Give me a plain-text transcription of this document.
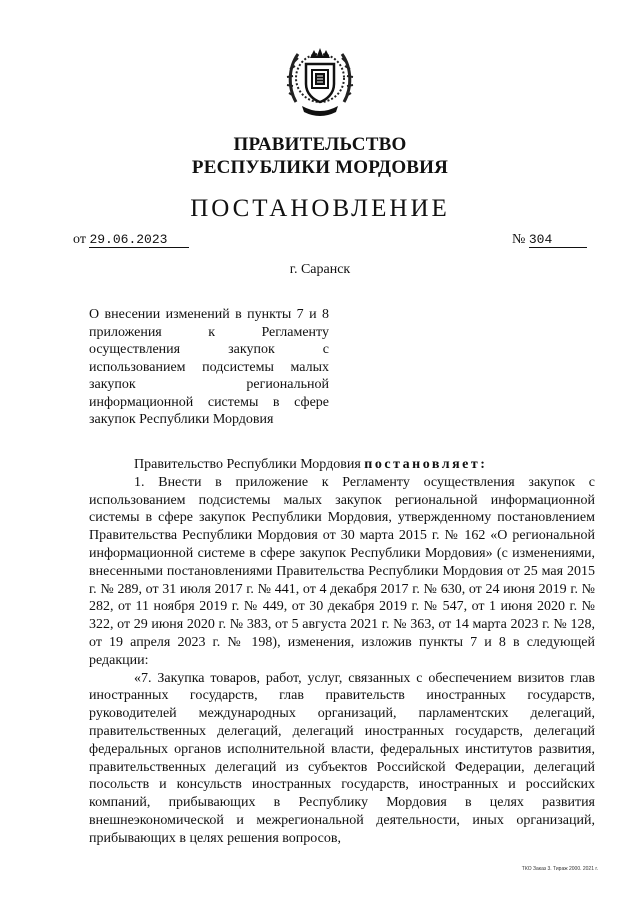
ПРАВИТЕЛЬСТВО
РЕСПУБЛИКИ МОРДОВИЯ
ПОСТАНОВЛЕНИЕ
от 29.06.2023	№ 304
г. Саранск
О внесении изменений в пункты 7 и 8 приложения к Регламенту осуществления закупок с использованием подсистемы малых закупок региональной информационной системы в сфере закупок Республики Мордовия

Правительство Республики Мордовия постановляет:

1. Внести в приложение к Регламенту осуществления закупок с использованием подсистемы малых закупок региональной информационной системы в сфере закупок Республики Мордовия, утвержденному постановлением Правительства Республики Мордовия от 30 марта 2015 г. № 162 «О региональной информационной системе в сфере закупок Республики Мордовия» (с изменениями, внесенными постановлениями Правительства Республики Мордовия от 25 мая 2015 г. № 289, от 31 июля 2017 г. № 441, от 4 декабря 2017 г. № 630, от 24 июня 2019 г. № 282, от 11 ноября 2019 г. № 449, от 30 декабря 2019 г. № 547, от 1 июня 2020 г. № 322, от 29 июня 2020 г. № 383, от 5 августа 2021 г. № 363, от 14 марта 2023 г. № 128, от 19 апреля 2023 г. № 198), изменения, изложив пункты 7 и 8 в следующей редакции:

«7. Закупка товаров, работ, услуг, связанных с обеспечением визитов глав иностранных государств, глав правительств иностранных государств, руководителей международных организаций, парламентских делегаций, правительственных делегаций, делегаций иностранных государств, делегаций федеральных органов исполнительной власти, федеральных институтов развития, правительственных делегаций из субъектов Российской Федерации, делегаций посольств и консульств иностранных государств, иностранных и российских компаний, прибывающих в Республику Мордовия в целях развития внешнеэкономической и межрегиональной деятельности, иных организаций, прибывающих в целях решения вопросов,

ТКО Заказ 3. Тираж 2000. 2021 г.
